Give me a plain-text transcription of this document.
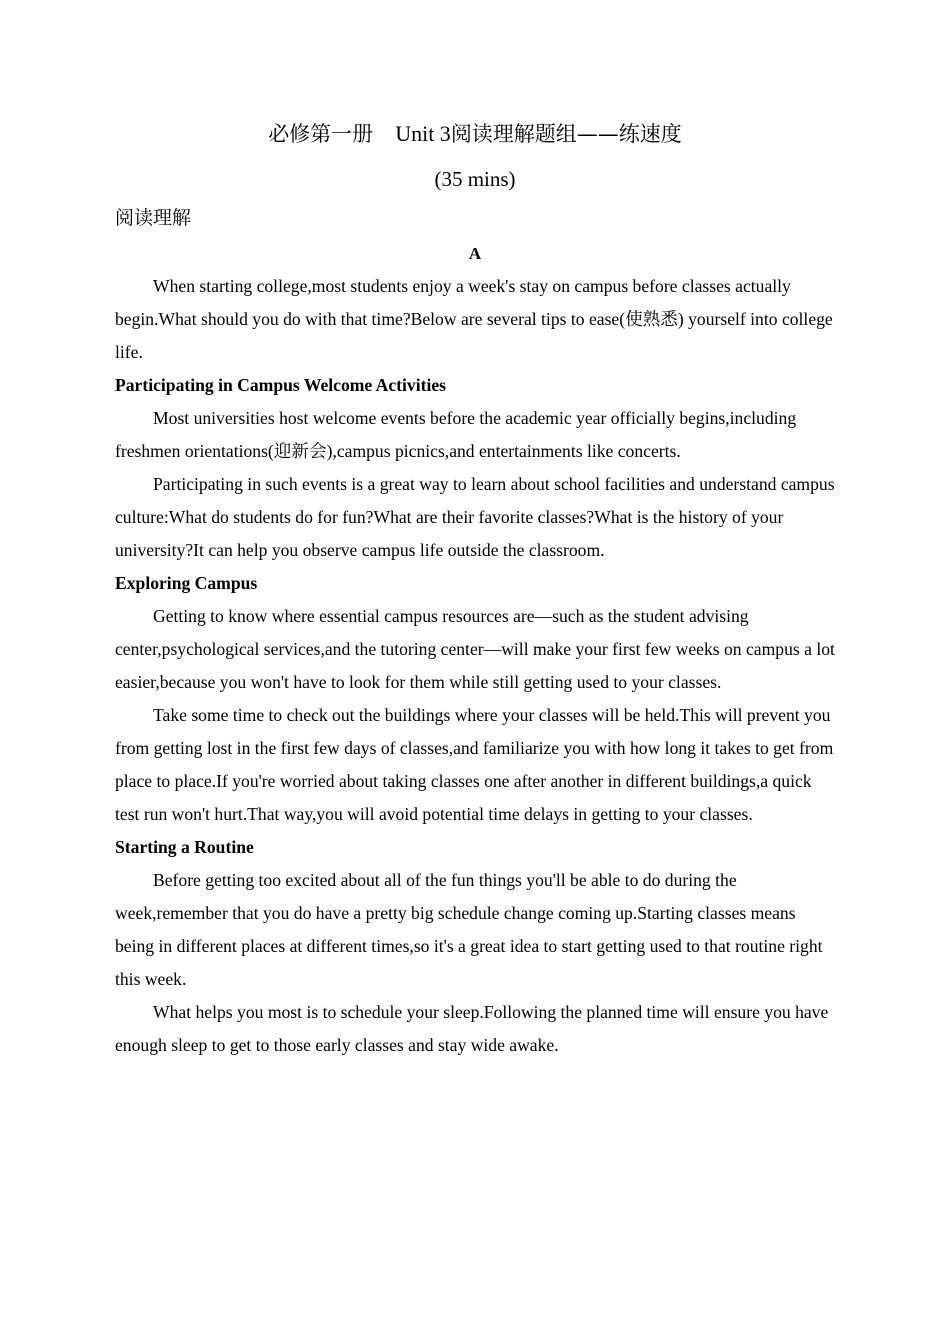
必修第一册 Unit 3阅读理解题组——练速度
(35 mins)
阅读理解
A

When starting college,most students enjoy a week's stay on campus before classes actually begin.What should you do with that time?Below are several tips to ease(使熟悉) yourself into college life.

Participating in Campus Welcome Activities

Most universities host welcome events before the academic year officially begins,including freshmen orientations(迎新会),campus picnics,and entertainments like concerts.

Participating in such events is a great way to learn about school facilities and understand campus culture:What do students do for fun?What are their favorite classes?What is the history of your university?It can help you observe campus life outside the classroom.

Exploring Campus

Getting to know where essential campus resources are—such as the student advising center,psychological services,and the tutoring center—will make your first few weeks on campus a lot easier,because you won't have to look for them while still getting used to your classes.

Take some time to check out the buildings where your classes will be held.This will prevent you from getting lost in the first few days of classes,and familiarize you with how long it takes to get from place to place.If you're worried about taking classes one after another in different buildings,a quick test run won't hurt.That way,you will avoid potential time delays in getting to your classes.

Starting a Routine

Before getting too excited about all of the fun things you'll be able to do during the week,remember that you do have a pretty big schedule change coming up.Starting classes means being in different places at different times,so it's a great idea to start getting used to that routine right this week.

What helps you most is to schedule your sleep.Following the planned time will ensure you have enough sleep to get to those early classes and stay wide awake.
